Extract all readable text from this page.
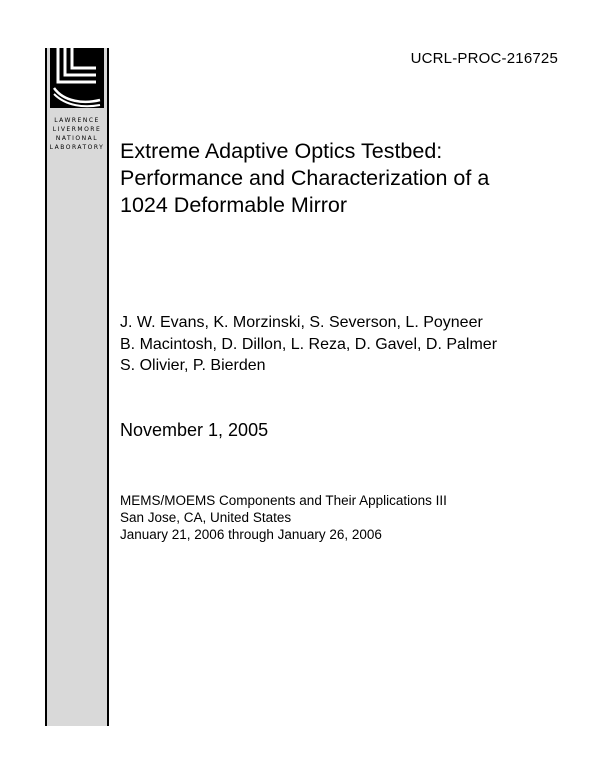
LAWRENCE
LIVERMORE
NATIONAL
LABORATORY
UCRL-PROC-216725
Extreme Adaptive Optics Testbed:
Performance and Characterization of a
1024 Deformable Mirror
J. W. Evans, K. Morzinski, S. Severson, L. Poyneer
B. Macintosh, D. Dillon, L. Reza, D. Gavel, D. Palmer
S. Olivier, P. Bierden
November 1, 2005
MEMS/MOEMS Components and Their Applications III
San Jose, CA, United States
January 21, 2006 through January 26, 2006
